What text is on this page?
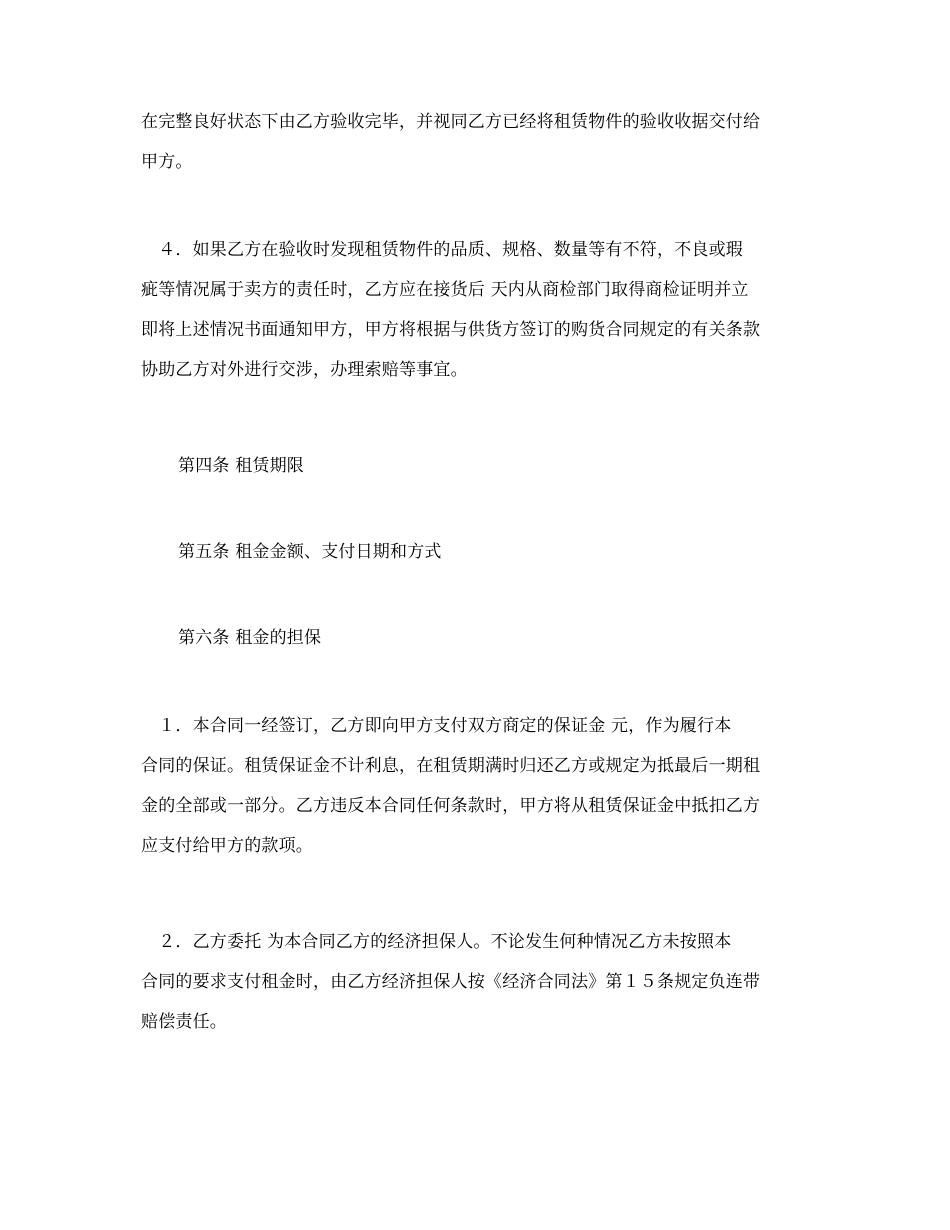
在完整良好状态下由乙方验收完毕，并视同乙方已经将租赁物件的验收收据交付给
甲方。

　４．如果乙方在验收时发现租赁物件的品质、规格、数量等有不符，不良或瑕
疵等情况属于卖方的责任时，乙方应在接货后 天内从商检部门取得商检证明并立
即将上述情况书面通知甲方，甲方将根据与供货方签订的购货合同规定的有关条款
协助乙方对外进行交涉，办理索赔等事宜。

第四条 租赁期限

第五条 租金金额、支付日期和方式

第六条 租金的担保

　１．本合同一经签订，乙方即向甲方支付双方商定的保证金 元，作为履行本
合同的保证。租赁保证金不计利息，在租赁期满时归还乙方或规定为抵最后一期租
金的全部或一部分。乙方违反本合同任何条款时，甲方将从租赁保证金中抵扣乙方
应支付给甲方的款项。

　２．乙方委托 为本合同乙方的经济担保人。不论发生何种情况乙方未按照本
合同的要求支付租金时，由乙方经济担保人按《经济合同法》第１５条规定负连带
赔偿责任。
